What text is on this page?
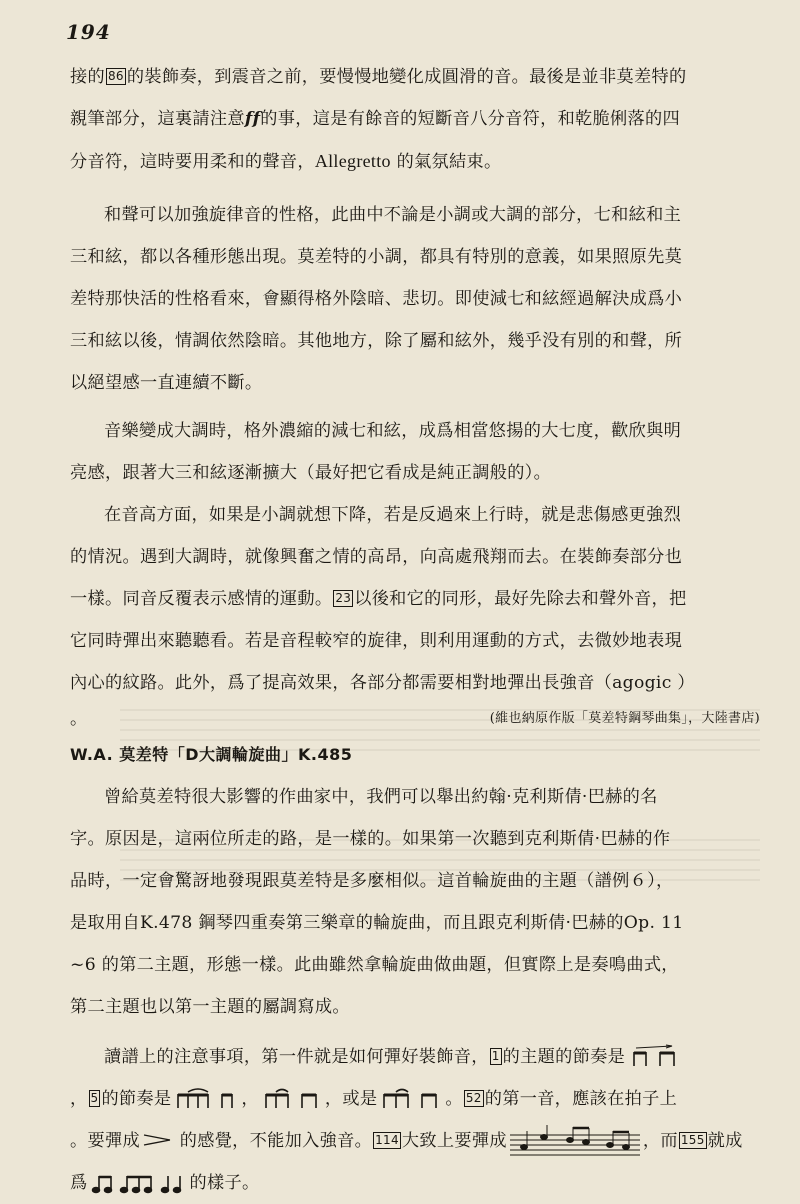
194
接的 86 的裝飾奏，到震音之前，要慢慢地變化成圓滑的音。最後是並非莫差特的
親筆部分，這裏請注意ff的事，這是有餘音的短斷音八分音符，和乾脆俐落的四
分音符，這時要用柔和的聲音，Allegretto 的氣氛結束。
和聲可以加強旋律音的性格，此曲中不論是小調或大調的部分，七和絃和主
三和絃，都以各種形態出現。莫差特的小調，都具有特別的意義，如果照原先莫
差特那快活的性格看來，會顯得格外陰暗、悲切。即使減七和絃經過解決成爲小
三和絃以後，情調依然陰暗。其他地方，除了屬和絃外，幾乎没有別的和聲，所
以絕望感一直連續不斷。
音樂變成大調時，格外濃縮的減七和絃，成爲相當悠揚的大七度，歡欣與明
亮感，跟著大三和絃逐漸擴大（最好把它看成是純正調般的）。
在音高方面，如果是小調就想下降，若是反過來上行時，就是悲傷感更強烈
的情況。遇到大調時，就像興奮之情的高昂，向高處飛翔而去。在裝飾奏部分也
一樣。同音反覆表示感情的運動。 23 以後和它的同形，最好先除去和聲外音，把
它同時彈出來聽聽看。若是音程較窄的旋律，則利用運動的方式，去微妙地表現
內心的紋路。此外，爲了提高效果，各部分都需要相對地彈出長強音（agogic ）
。	(維也納原作版「莫差特鋼琴曲集」，大陸書店)
W.A. 莫差特「D大調輪旋曲」K.485
曾給莫差特很大影響的作曲家中，我們可以舉出約翰·克利斯倩·巴赫的名
字。原因是，這兩位所走的路，是一樣的。如果第一次聽到克利斯倩·巴赫的作
品時，一定會驚訝地發現跟莫差特是多麼相似。這首輪旋曲的主題（譜例６），
是取用自K.478 鋼琴四重奏第三樂章的輪旋曲，而且跟克利斯倩·巴赫的Op. 11
~6 的第二主題，形態一樣。此曲雖然拿輪旋曲做曲題，但實際上是奏鳴曲式，
第二主題也以第一主題的屬調寫成。
讀譜上的注意事項，第一件就是如何彈好裝飾音， 1 的主題的節奏是
， 5 的節奏是	，	，或是	。 52 的第一音，應該在拍子上
。要彈成 的感覺，不能加入強音。 114 大致上要彈成	，而 155 就成
爲	的樣子。
